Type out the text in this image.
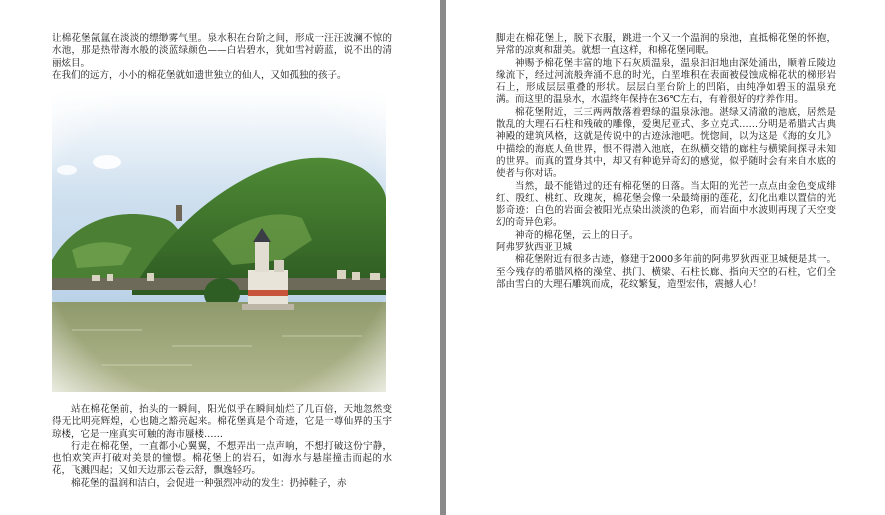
让棉花堡氤氲在淡淡的缥缈雾气里。泉水积在台阶之间，形成一汪汪波澜不惊的水池，那是热带海水般的淡蓝绿颜色——白岩碧水，犹如雪衬蔚蓝，说不出的清丽炫目。

在我们的远方，小小的棉花堡就如遗世独立的仙人，又如孤独的孩子。

站在棉花堡前，抬头的一瞬间，阳光似乎在瞬间灿烂了几百倍，天地忽然变得无比明亮辉煌，心也随之豁亮起来。棉花堡真是个奇迹，它是一尊仙界的玉宇琼楼，它是一座真实可触的海市蜃楼……

行走在棉花堡，一直都小心翼翼，不想弄出一点声响，不想打破这份宁静，也怕欢笑声打破对美景的憧憬。棉花堡上的岩石，如海水与悬崖撞击而起的水花，飞溅四起；又如天边那云卷云舒，飘逸轻巧。

棉花堡的温润和洁白，会促进一种强烈冲动的发生：扔掉鞋子，赤

脚走在棉花堡上，脱下衣服，跳进一个又一个温润的泉池，直抵棉花堡的怀抱，异常的凉爽和甜美。就想一直这样，和棉花堡同眠。

神赐予棉花堡丰富的地下石灰质温泉，温泉汩汩地由深处涌出，顺着丘陵边缘流下，经过河流般奔涌不息的时光，白垩堆积在表面被侵蚀成棉花状的梯形岩石上，形成层层重叠的形状。层层白垩台阶上的凹陷，由纯净如碧玉的温泉充满。而这里的温泉水，水温终年保持在36℃左右，有着很好的疗养作用。

棉花堡附近，三三两两散落着碧绿的温泉泳池。湛绿又清澈的池底，居然是散乱的大理石石柱和残破的雕像，爱奥尼亚式、多立克式……分明是希腊式古典神殿的建筑风格，这就是传说中的古迹泳池吧。恍惚间，以为这是《海的女儿》中描绘的海底人鱼世界，恨不得潜入池底，在纵横交错的廊柱与横梁间探寻未知的世界。而真的置身其中，却又有种诡异奇幻的感觉，似乎随时会有来自水底的使者与你对话。

当然，最不能错过的还有棉花堡的日落。当太阳的光芒一点点由金色变成绯红、殷红、桃红、玫瑰灰，棉花堡会像一朵最绮丽的莲花，幻化出难以置信的光影奇迹：白色的岩面会被阳光点染出淡淡的色彩，而岩面中水波则再现了天空变幻的奇异色彩。

神奇的棉花堡，云上的日子。

阿弗罗狄西亚卫城

棉花堡附近有很多古迹，修建于2000多年前的阿弗罗狄西亚卫城便是其一。至今残存的希腊风格的澡堂、拱门、横梁、石柱长廊、指向天空的石柱，它们全部由雪白的大理石雕筑而成，花纹繁复，造型宏伟，震撼人心！
